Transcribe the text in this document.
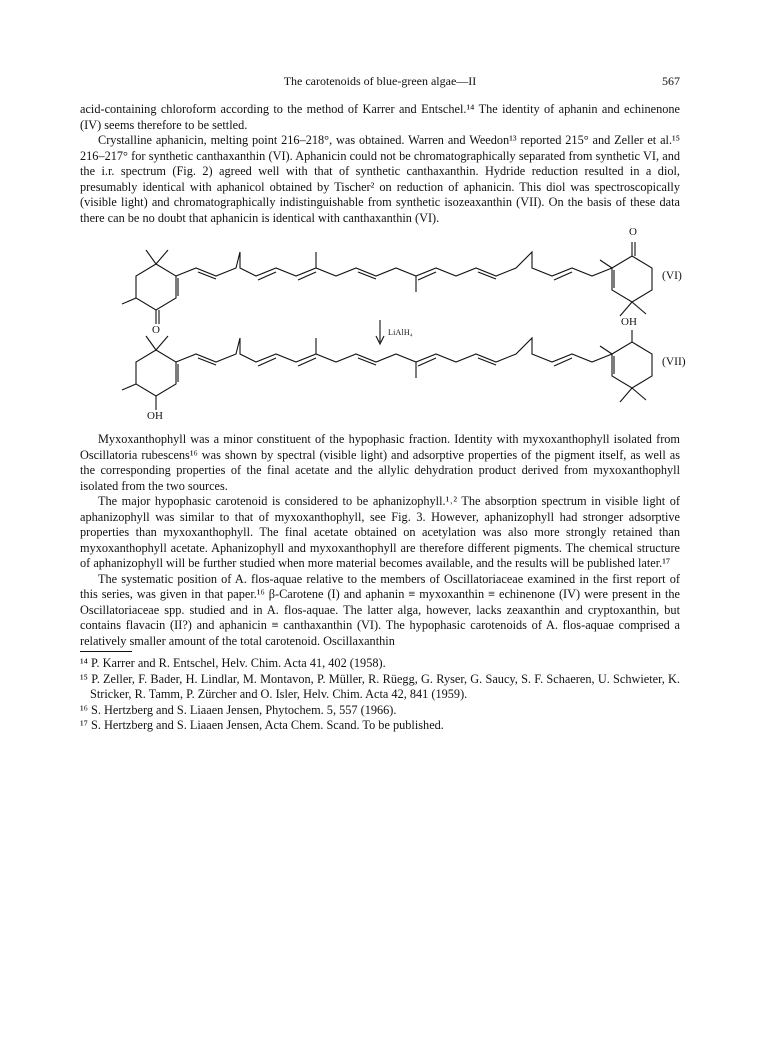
The carotenoids of blue-green algae—II	567

acid-containing chloroform according to the method of Karrer and Entschel.¹⁴ The identity of aphanin and echinenone (IV) seems therefore to be settled.

Crystalline aphanicin, melting point 216–218°, was obtained. Warren and Weedon¹³ reported 215° and Zeller et al.¹⁵ 216–217° for synthetic canthaxanthin (VI). Aphanicin could not be chromatographically separated from synthetic VI, and the i.r. spectrum (Fig. 2) agreed well with that of synthetic canthaxanthin. Hydride reduction resulted in a diol, presumably identical with aphanicol obtained by Tischer² on reduction of aphanicin. This diol was spectroscopically (visible light) and chromatographically indistinguishable from synthetic isozeaxanthin (VII). On the basis of these data there can be no doubt that aphanicin is identical with canthaxanthin (VI).

O
O	LiAlH₄
OH
OH
(VI)
(VII)

Myxoxanthophyll was a minor constituent of the hypophasic fraction. Identity with myxoxanthophyll isolated from Oscillatoria rubescens¹⁶ was shown by spectral (visible light) and adsorptive properties of the pigment itself, as well as the corresponding properties of the final acetate and the allylic dehydration product derived from myxoxanthophyll isolated from the two sources.

The major hypophasic carotenoid is considered to be aphanizophyll.¹˒² The absorption spectrum in visible light of aphanizophyll was similar to that of myxoxanthophyll, see Fig. 3. However, aphanizophyll had stronger adsorptive properties than myxoxanthophyll. The final acetate obtained on acetylation was also more strongly retained than myxoxanthophyll acetate. Aphanizophyll and myxoxanthophyll are therefore different pigments. The chemical structure of aphanizophyll will be further studied when more material becomes available, and the results will be published later.¹⁷

The systematic position of A. flos-aquae relative to the members of Oscillatoriaceae examined in the first report of this series, was given in that paper.¹⁶ β-Carotene (I) and aphanin ≡ myxoxanthin ≡ echinenone (IV) were present in the Oscillatoriaceae spp. studied and in A. flos-aquae. The latter alga, however, lacks zeaxanthin and cryptoxanthin, but contains flavacin (II?) and aphanicin ≡ canthaxanthin (VI). The hypophasic carotenoids of A. flos-aquae comprised a relatively smaller amount of the total carotenoid. Oscillaxanthin

¹⁴ P. Karrer and R. Entschel, Helv. Chim. Acta 41, 402 (1958).

¹⁵ P. Zeller, F. Bader, H. Lindlar, M. Montavon, P. Müller, R. Rüegg, G. Ryser, G. Saucy, S. F. Schaeren, U. Schwieter, K. Stricker, R. Tamm, P. Zürcher and O. Isler, Helv. Chim. Acta 42, 841 (1959).

¹⁶ S. Hertzberg and S. Liaaen Jensen, Phytochem. 5, 557 (1966).

¹⁷ S. Hertzberg and S. Liaaen Jensen, Acta Chem. Scand. To be published.
